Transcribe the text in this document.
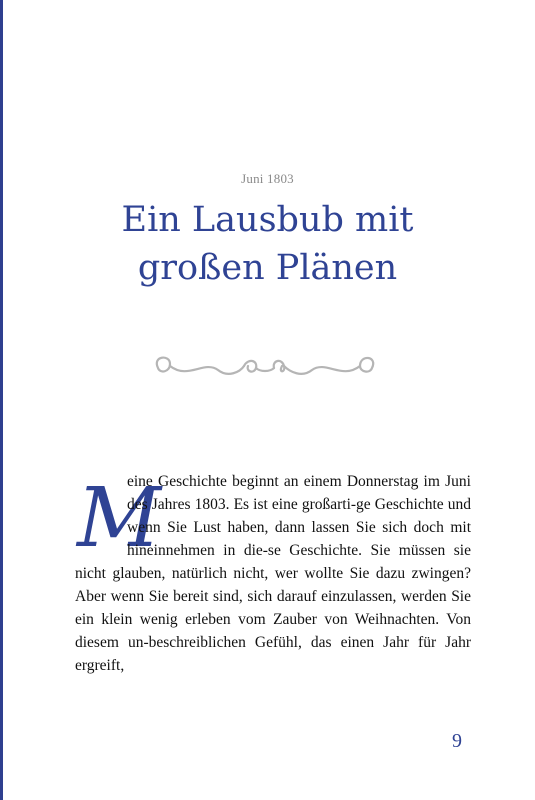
Juni 1803
Ein Lausbub mit
großen Plänen

M
eine Geschichte beginnt an einem Donnerstag im Juni des Jahres 1803. Es ist eine großarti-ge Geschichte und wenn Sie Lust haben, dann lassen Sie sich doch mit hineinnehmen in die-se Geschichte. Sie müssen sie nicht glauben, natürlich nicht, wer wollte Sie dazu zwingen? Aber wenn Sie bereit sind, sich darauf einzulassen, werden Sie ein klein wenig erleben vom Zauber von Weihnachten. Von diesem un-beschreiblichen Gefühl, das einen Jahr für Jahr ergreift,

9
